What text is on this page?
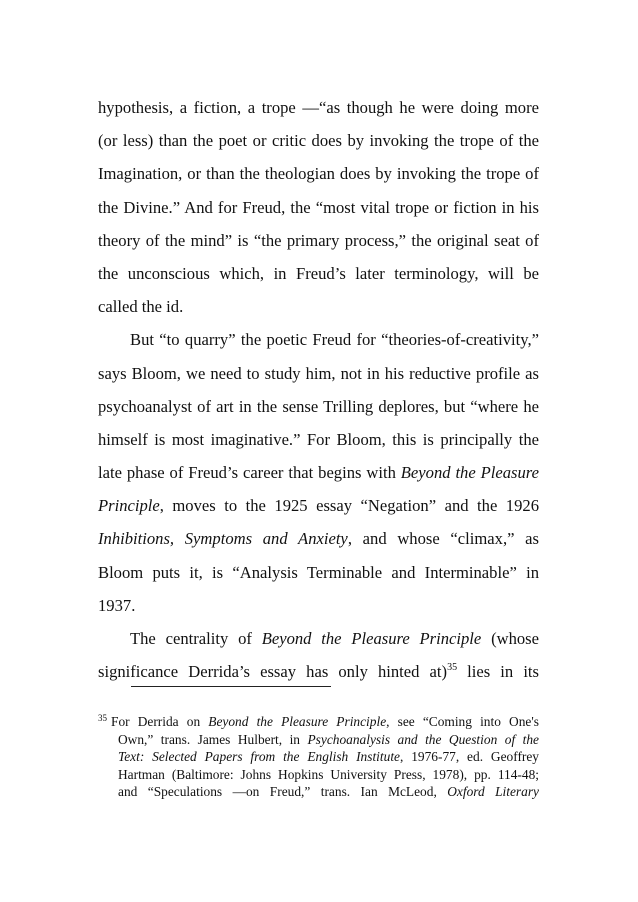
hypothesis, a fiction, a trope —“as though he were doing more
(or less) than the poet or critic does by invoking the trope of the
Imagination, or than the theologian does by invoking the trope of
the Divine.” And for Freud, the “most vital trope or fiction in his
theory of the mind” is “the primary process,” the original seat of
the unconscious which, in Freud’s later terminology, will be
called the id.
But “to quarry” the poetic Freud for “theories-of-creativity,”
says Bloom, we need to study him, not in his reductive profile as
psychoanalyst of art in the sense Trilling deplores, but “where he
himself is most imaginative.” For Bloom, this is principally the
late phase of Freud’s career that begins with Beyond the Pleasure
Principle, moves to the 1925 essay “Negation” and the 1926
Inhibitions, Symptoms and Anxiety, and whose “climax,” as
Bloom puts it, is “Analysis Terminable and Interminable” in
1937.
The centrality of Beyond the Pleasure Principle (whose
significance Derrida’s essay has only hinted at)$^{35}$ lies in its
$^{35}$ For Derrida on Beyond the Pleasure Principle, see “Coming into One's
Own,” trans. James Hulbert, in Psychoanalysis and the Question of the
Text: Selected Papers from the English Institute, 1976-77, ed. Geoffrey
Hartman (Baltimore: Johns Hopkins University Press, 1978), pp. 114-48;
and “Speculations —on Freud,” trans. Ian McLeod, Oxford Literary
